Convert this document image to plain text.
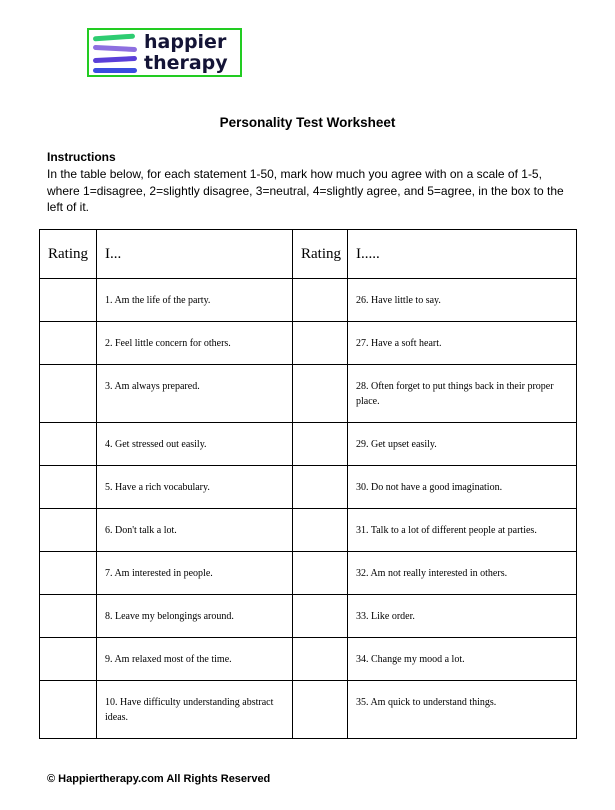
happier
therapy
Personality Test Worksheet
Instructions
In the table below, for each statement 1-50, mark how much you agree with on a scale of 1-5, where 1=disagree, 2=slightly disagree, 3=neutral, 4=slightly agree, and 5=agree, in the box to the left of it.
Rating	I...	Rating	I.....
	1. Am the life of the party.		26. Have little to say.
	2. Feel little concern for others.		27. Have a soft heart.
	3. Am always prepared.		28. Often forget to put things back in their proper place.
	4. Get stressed out easily.		29. Get upset easily.
	5. Have a rich vocabulary.		30. Do not have a good imagination.
	6. Don't talk a lot.		31. Talk to a lot of different people at parties.
	7. Am interested in people.		32. Am not really interested in others.
	8. Leave my belongings around.		33. Like order.
	9. Am relaxed most of the time.		34. Change my mood a lot.
	10. Have difficulty understanding abstract ideas.		35. Am quick to understand things.
© Happiertherapy.com All Rights Reserved
